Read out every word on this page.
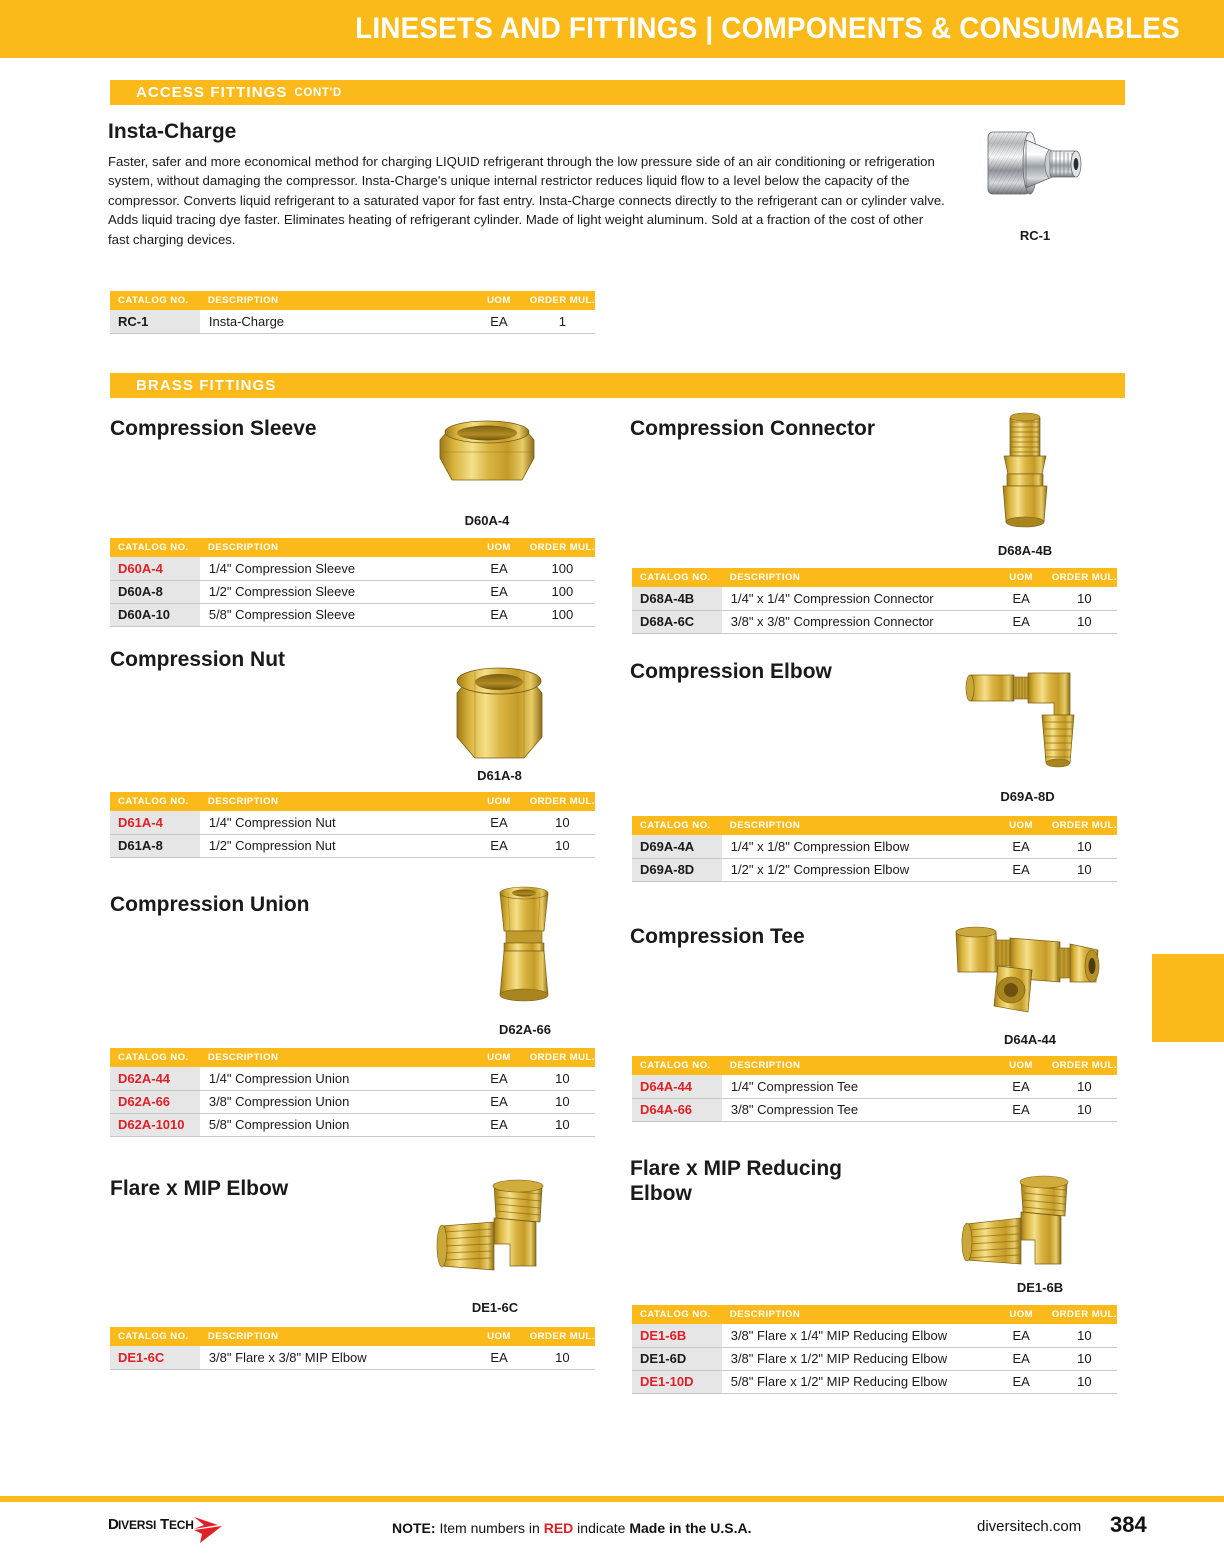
LINESETS AND FITTINGS | COMPONENTS & CONSUMABLES
ACCESS FITTINGS CONT'D
Insta-Charge
Faster, safer and more economical method for charging LIQUID refrigerant through the low pressure side of an air conditioning or refrigeration system, without damaging the compressor. Insta-Charge's unique internal restrictor reduces liquid flow to a level below the capacity of the compressor. Converts liquid refrigerant to a saturated vapor for fast entry. Insta-Charge connects directly to the refrigerant can or cylinder valve. Adds liquid tracing dye faster. Eliminates heating of refrigerant cylinder. Made of light weight aluminum. Sold at a fraction of the cost of other fast charging devices.	RC-1
CATALOG NO.	DESCRIPTION	UOM	ORDER MUL.
RC-1	Insta-Charge	EA	1
BRASS FITTINGS
Compression Sleeve
D60A-4
CATALOG NO.	DESCRIPTION	UOM	ORDER MUL.
D60A-4	1/4" Compression Sleeve	EA	100
D60A-8	1/2" Compression Sleeve	EA	100
D60A-10	5/8" Compression Sleeve	EA	100
Compression Connector
D68A-4B
CATALOG NO.	DESCRIPTION	UOM	ORDER MUL.
D68A-4B	1/4" x 1/4" Compression Connector	EA	10
D68A-6C	3/8" x 3/8" Compression Connector	EA	10
Compression Nut
D61A-8
CATALOG NO.	DESCRIPTION	UOM	ORDER MUL.
D61A-4	1/4" Compression Nut	EA	10
D61A-8	1/2" Compression Nut	EA	10
Compression Elbow
D69A-8D
CATALOG NO.	DESCRIPTION	UOM	ORDER MUL.
D69A-4A	1/4" x 1/8" Compression Elbow	EA	10
D69A-8D	1/2" x 1/2" Compression Elbow	EA	10
Compression Union
D62A-66
CATALOG NO.	DESCRIPTION	UOM	ORDER MUL.
D62A-44	1/4" Compression Union	EA	10
D62A-66	3/8" Compression Union	EA	10
D62A-1010	5/8" Compression Union	EA	10
Compression Tee
D64A-44
CATALOG NO.	DESCRIPTION	UOM	ORDER MUL.
D64A-44	1/4" Compression Tee	EA	10
D64A-66	3/8" Compression Tee	EA	10
Flare x MIP Elbow
DE1-6C
CATALOG NO.	DESCRIPTION	UOM	ORDER MUL.
DE1-6C	3/8" Flare x 3/8" MIP Elbow	EA	10
Flare x MIP Reducing Elbow
DE1-6B
CATALOG NO.	DESCRIPTION	UOM	ORDER MUL.
DE1-6B	3/8" Flare x 1/4" MIP Reducing Elbow	EA	10
DE1-6D	3/8" Flare x 1/2" MIP Reducing Elbow	EA	10
DE1-10D	5/8" Flare x 1/2" MIP Reducing Elbow	EA	10
D IVERSI T ECH	NOTE: Item numbers in RED indicate Made in the U.S.A.	diversitech.com 384
